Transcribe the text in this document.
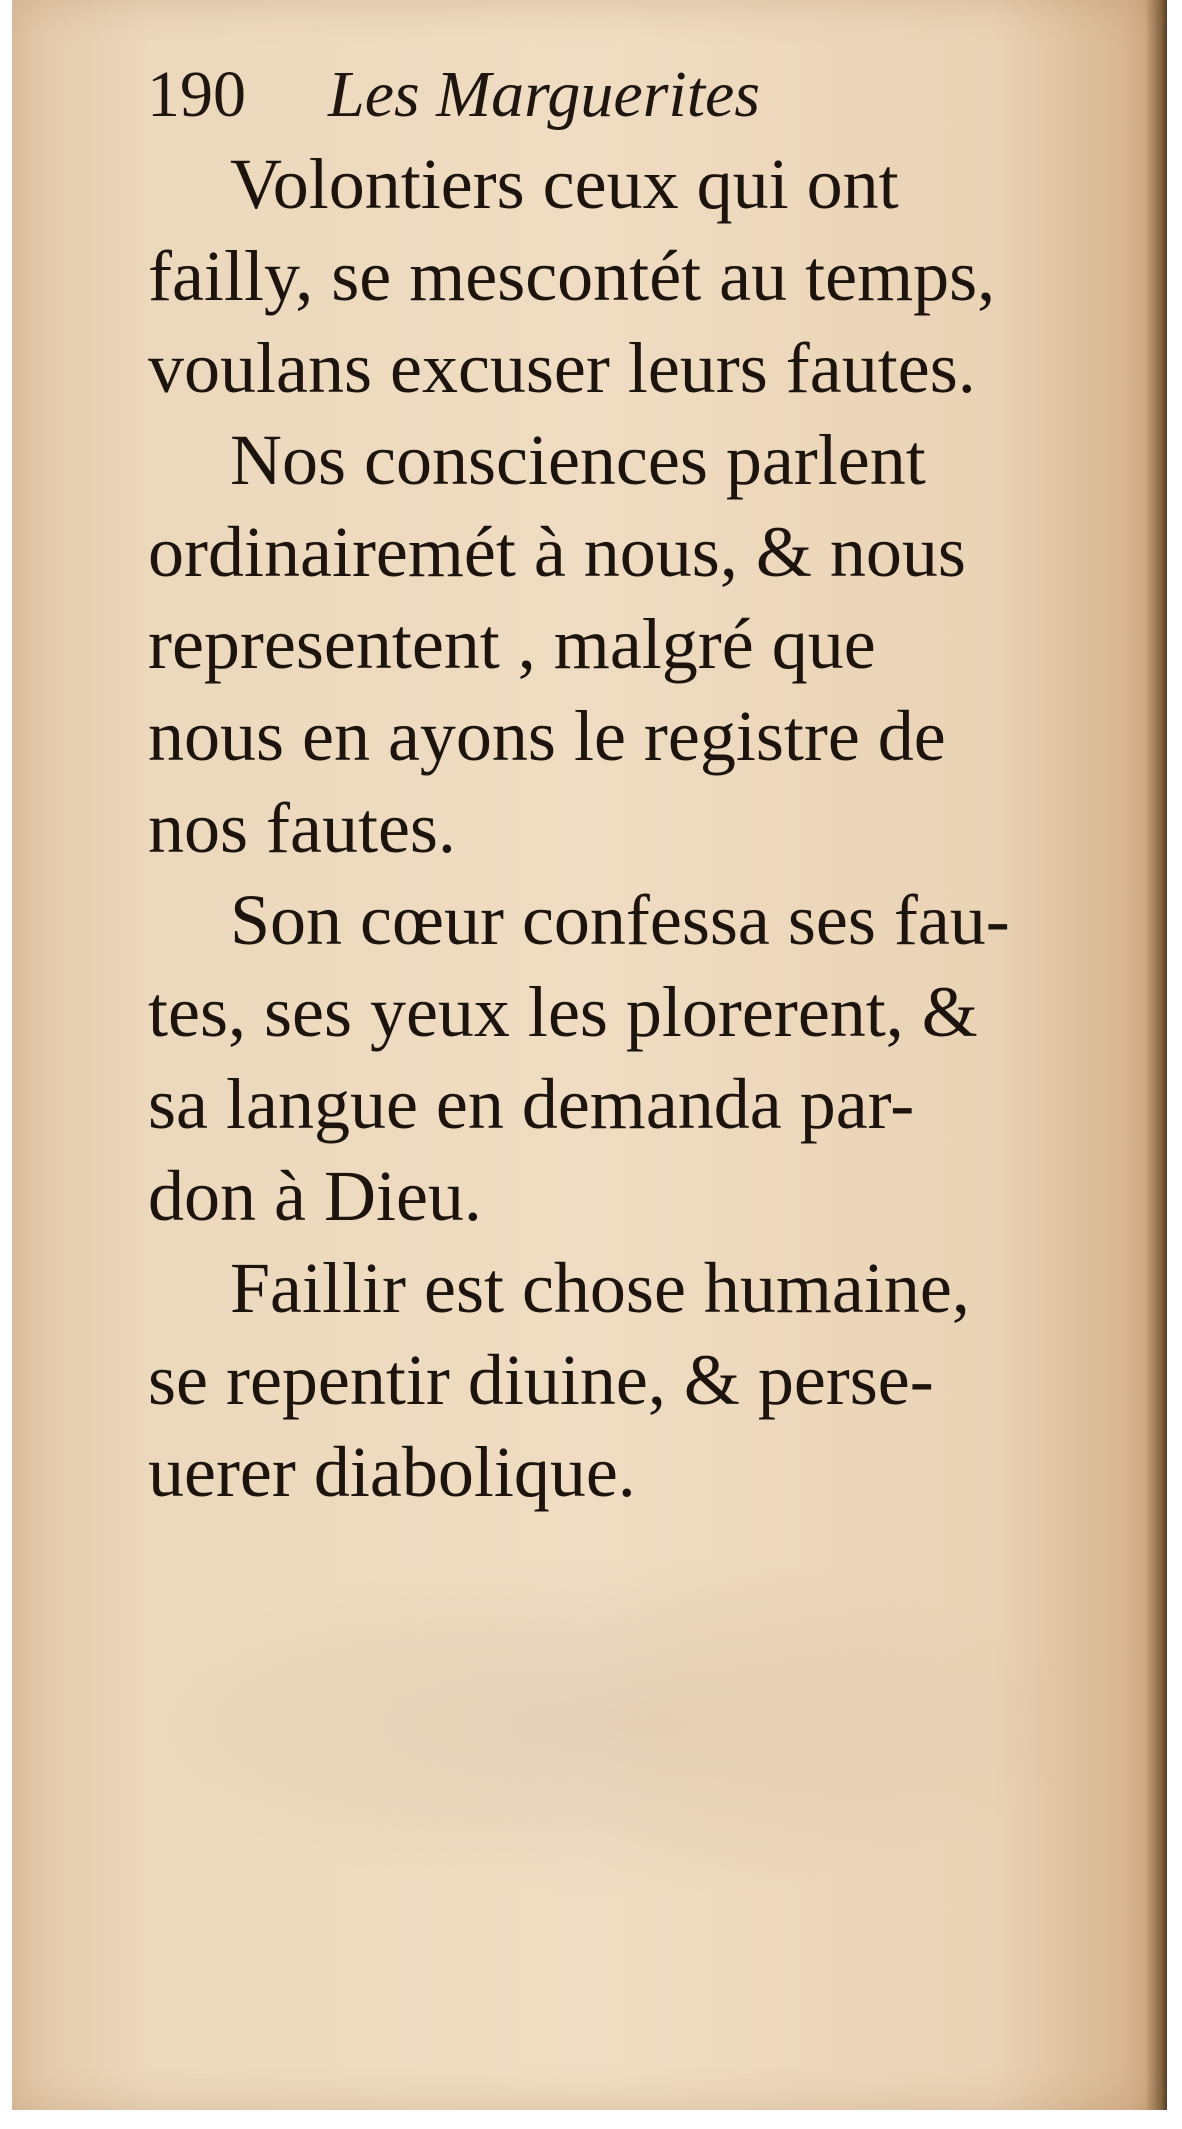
190 Les Marguerites

Volontiers ceux qui ont
failly, se mescontét au temps,
voulans excuser leurs fautes.

Nos consciences parlent
ordinairemét à nous, & nous
representent , malgré que
nous en ayons le registre de
nos fautes.

Son cœur confessa ses fau-
tes, ses yeux les plorerent, &
sa langue en demanda par-
don à Dieu.

Faillir est chose humaine,
se repentir diuine, & perse-
uerer diabolique.
